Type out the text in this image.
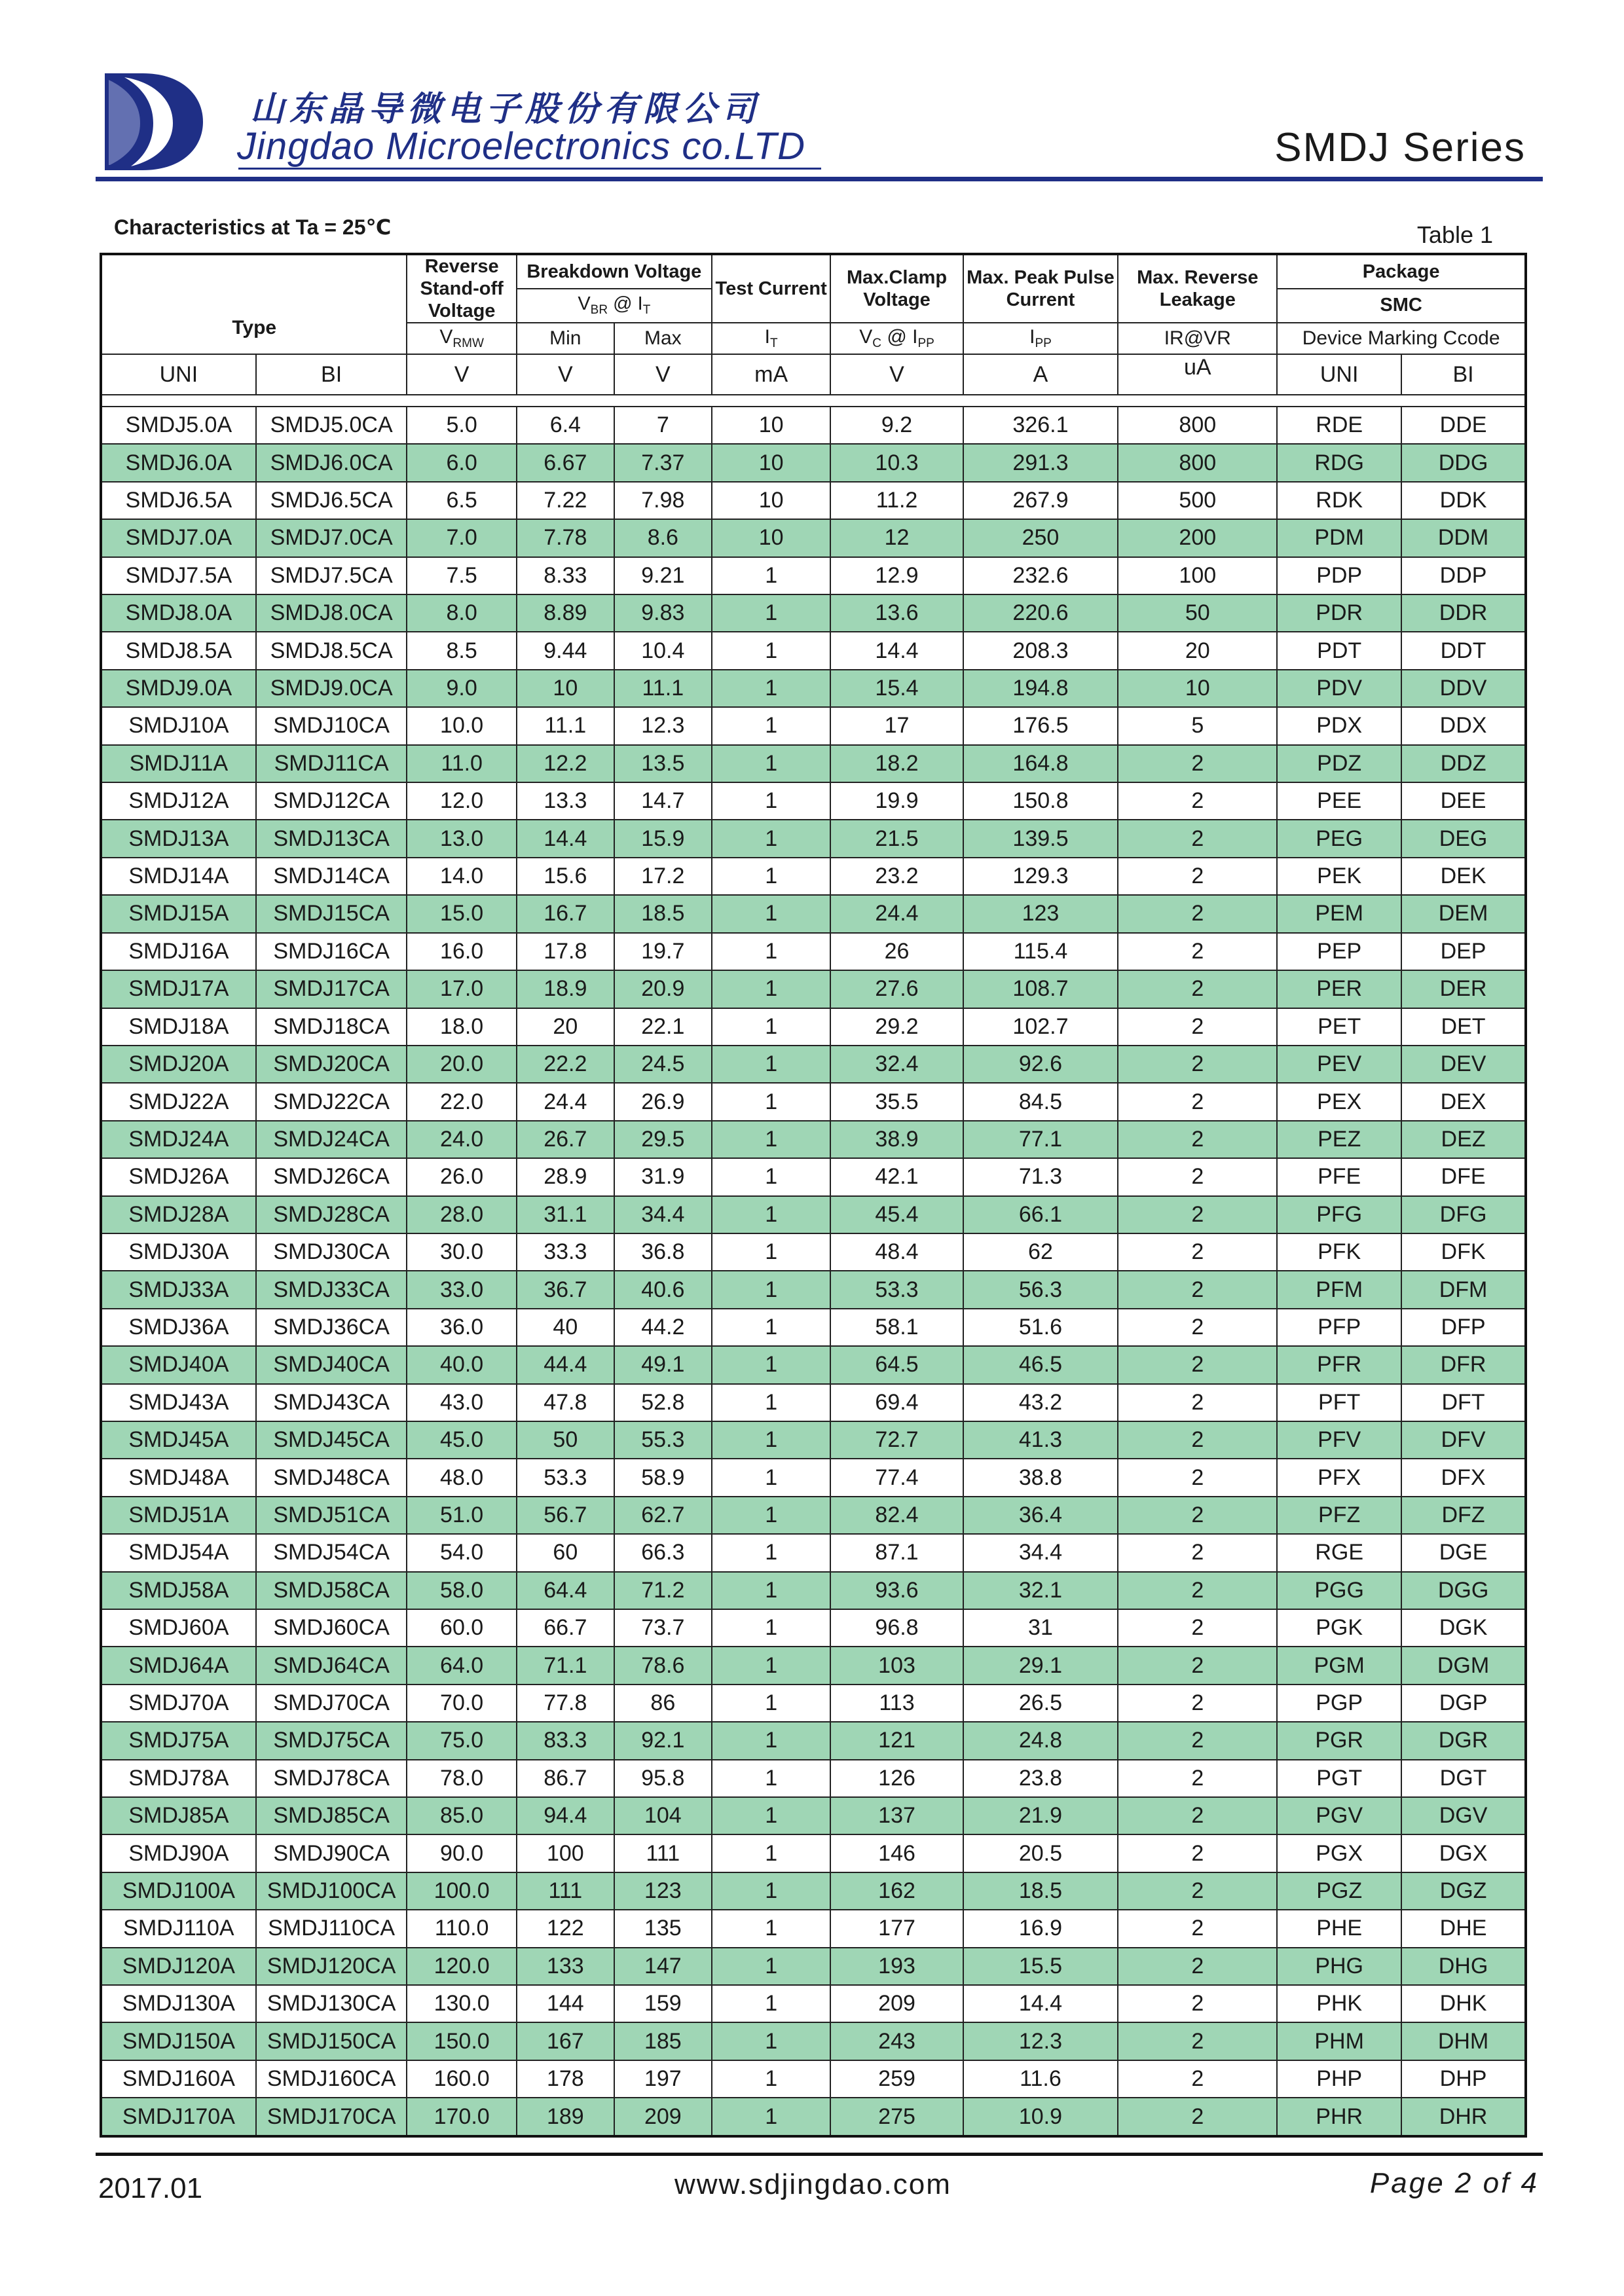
山东晶导微电子股份有限公司
Jingdao Microelectronics co.LTD	SMDJ Series
Characteristics at Ta = 25℃	Table 1
Type		Reverse Stand-off Voltage	Breakdown Voltage		Test Current	Max.Clamp Voltage	Max. Peak Pulse Current	Max. Reverse Leakage	Package	
			$V_{BR}$ @ $I_T$						SMC	
		$V_{RMW}$	Min	Max	$I_T$	$V_C$ @ $I_{PP}$	$I_{PP}$	IR@VR	Device Marking Ccode	
UNI	BI	V	V	V	mA	V	A	uA	UNI	BI

SMDJ5.0A	SMDJ5.0CA	5.0	6.4	7	10	9.2	326.1	800	RDE	DDE
SMDJ6.0A	SMDJ6.0CA	6.0	6.67	7.37	10	10.3	291.3	800	RDG	DDG
SMDJ6.5A	SMDJ6.5CA	6.5	7.22	7.98	10	11.2	267.9	500	RDK	DDK
SMDJ7.0A	SMDJ7.0CA	7.0	7.78	8.6	10	12	250	200	PDM	DDM
SMDJ7.5A	SMDJ7.5CA	7.5	8.33	9.21	1	12.9	232.6	100	PDP	DDP
SMDJ8.0A	SMDJ8.0CA	8.0	8.89	9.83	1	13.6	220.6	50	PDR	DDR
SMDJ8.5A	SMDJ8.5CA	8.5	9.44	10.4	1	14.4	208.3	20	PDT	DDT
SMDJ9.0A	SMDJ9.0CA	9.0	10	11.1	1	15.4	194.8	10	PDV	DDV
SMDJ10A	SMDJ10CA	10.0	11.1	12.3	1	17	176.5	5	PDX	DDX
SMDJ11A	SMDJ11CA	11.0	12.2	13.5	1	18.2	164.8	2	PDZ	DDZ
SMDJ12A	SMDJ12CA	12.0	13.3	14.7	1	19.9	150.8	2	PEE	DEE
SMDJ13A	SMDJ13CA	13.0	14.4	15.9	1	21.5	139.5	2	PEG	DEG
SMDJ14A	SMDJ14CA	14.0	15.6	17.2	1	23.2	129.3	2	PEK	DEK
SMDJ15A	SMDJ15CA	15.0	16.7	18.5	1	24.4	123	2	PEM	DEM
SMDJ16A	SMDJ16CA	16.0	17.8	19.7	1	26	115.4	2	PEP	DEP
SMDJ17A	SMDJ17CA	17.0	18.9	20.9	1	27.6	108.7	2	PER	DER
SMDJ18A	SMDJ18CA	18.0	20	22.1	1	29.2	102.7	2	PET	DET
SMDJ20A	SMDJ20CA	20.0	22.2	24.5	1	32.4	92.6	2	PEV	DEV
SMDJ22A	SMDJ22CA	22.0	24.4	26.9	1	35.5	84.5	2	PEX	DEX
SMDJ24A	SMDJ24CA	24.0	26.7	29.5	1	38.9	77.1	2	PEZ	DEZ
SMDJ26A	SMDJ26CA	26.0	28.9	31.9	1	42.1	71.3	2	PFE	DFE
SMDJ28A	SMDJ28CA	28.0	31.1	34.4	1	45.4	66.1	2	PFG	DFG
SMDJ30A	SMDJ30CA	30.0	33.3	36.8	1	48.4	62	2	PFK	DFK
SMDJ33A	SMDJ33CA	33.0	36.7	40.6	1	53.3	56.3	2	PFM	DFM
SMDJ36A	SMDJ36CA	36.0	40	44.2	1	58.1	51.6	2	PFP	DFP
SMDJ40A	SMDJ40CA	40.0	44.4	49.1	1	64.5	46.5	2	PFR	DFR
SMDJ43A	SMDJ43CA	43.0	47.8	52.8	1	69.4	43.2	2	PFT	DFT
SMDJ45A	SMDJ45CA	45.0	50	55.3	1	72.7	41.3	2	PFV	DFV
SMDJ48A	SMDJ48CA	48.0	53.3	58.9	1	77.4	38.8	2	PFX	DFX
SMDJ51A	SMDJ51CA	51.0	56.7	62.7	1	82.4	36.4	2	PFZ	DFZ
SMDJ54A	SMDJ54CA	54.0	60	66.3	1	87.1	34.4	2	RGE	DGE
SMDJ58A	SMDJ58CA	58.0	64.4	71.2	1	93.6	32.1	2	PGG	DGG
SMDJ60A	SMDJ60CA	60.0	66.7	73.7	1	96.8	31	2	PGK	DGK
SMDJ64A	SMDJ64CA	64.0	71.1	78.6	1	103	29.1	2	PGM	DGM
SMDJ70A	SMDJ70CA	70.0	77.8	86	1	113	26.5	2	PGP	DGP
SMDJ75A	SMDJ75CA	75.0	83.3	92.1	1	121	24.8	2	PGR	DGR
SMDJ78A	SMDJ78CA	78.0	86.7	95.8	1	126	23.8	2	PGT	DGT
SMDJ85A	SMDJ85CA	85.0	94.4	104	1	137	21.9	2	PGV	DGV
SMDJ90A	SMDJ90CA	90.0	100	111	1	146	20.5	2	PGX	DGX
SMDJ100A	SMDJ100CA	100.0	111	123	1	162	18.5	2	PGZ	DGZ
SMDJ110A	SMDJ110CA	110.0	122	135	1	177	16.9	2	PHE	DHE
SMDJ120A	SMDJ120CA	120.0	133	147	1	193	15.5	2	PHG	DHG
SMDJ130A	SMDJ130CA	130.0	144	159	1	209	14.4	2	PHK	DHK
SMDJ150A	SMDJ150CA	150.0	167	185	1	243	12.3	2	PHM	DHM
SMDJ160A	SMDJ160CA	160.0	178	197	1	259	11.6	2	PHP	DHP
SMDJ170A	SMDJ170CA	170.0	189	209	1	275	10.9	2	PHR	DHR
2017.01	www.sdjingdao.com	Page 2 of 4
